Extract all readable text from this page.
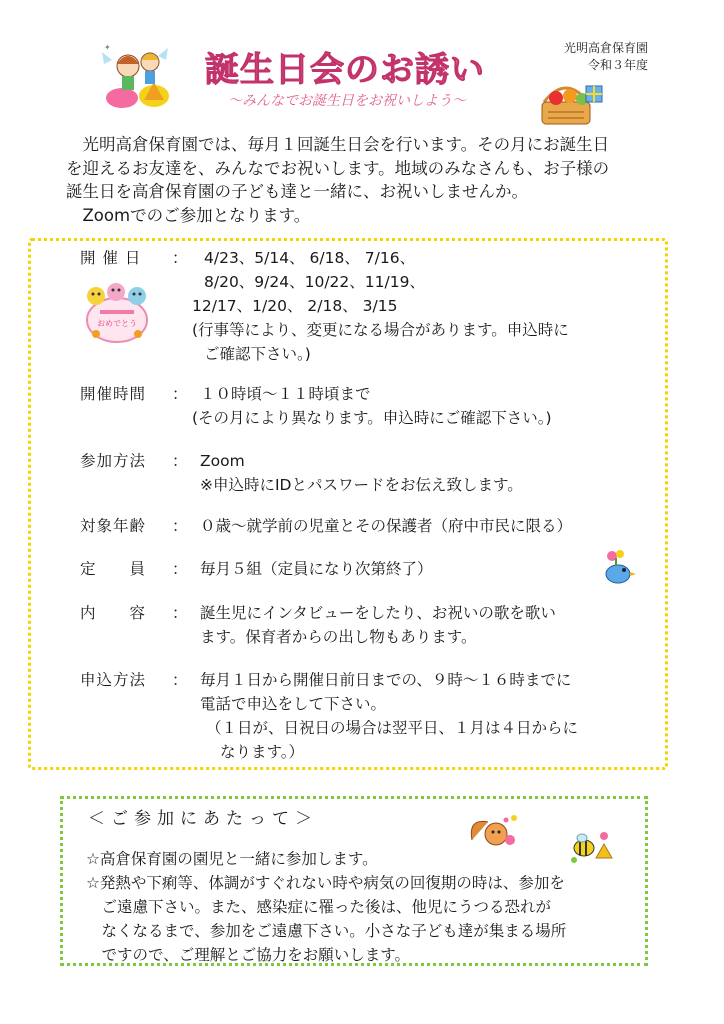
✦
誕生日会のお誘い
～みんなでお誕生日をお祝いしよう～
光明高倉保育園
令和３年度

光明高倉保育園では、毎月１回誕生日会を行います。その月にお誕生日

を迎えるお友達を、みんなでお祝いします。地域のみなさんも、お子様の

誕生日を高倉保育園の子ども達と一緒に、お祝いしませんか。

Zoomでのご参加となります。

おめでとう
開 催 日	： 4/23、5/14、 6/18、 7/16、
8/20、9/24、10/22、11/19、
12/17、1/20、 2/18、 3/15
(行事等により、変更になる場合があります。申込時に
ご確認下さい。)
開催時間	： １０時頃～１１時頃まで
(その月により異なります。申込時にご確認下さい。)
参加方法	： Zoom
※申込時にIDとパスワードをお伝え致します。
対象年齢	： ０歳～就学前の児童とその保護者（府中市民に限る）
定　　員	： 毎月５組（定員になり次第終了）
内　　容	： 誕生児にインタビューをしたり、お祝いの歌を歌い
ます。保育者からの出し物もあります。
申込方法	： 毎月１日から開催日前日までの、９時～１６時までに
電話で申込をして下さい。
（１日が、日祝日の場合は翌平日、１月は４日からに
なります。）
＜ご参加にあたって＞

☆高倉保育園の園児と一緒に参加します。

☆発熱や下痢等、体調がすぐれない時や病気の回復期の時は、参加を

ご遠慮下さい。また、感染症に罹った後は、他児にうつる恐れが

なくなるまで、参加をご遠慮下さい。小さな子ども達が集まる場所

ですので、ご理解とご協力をお願いします。
